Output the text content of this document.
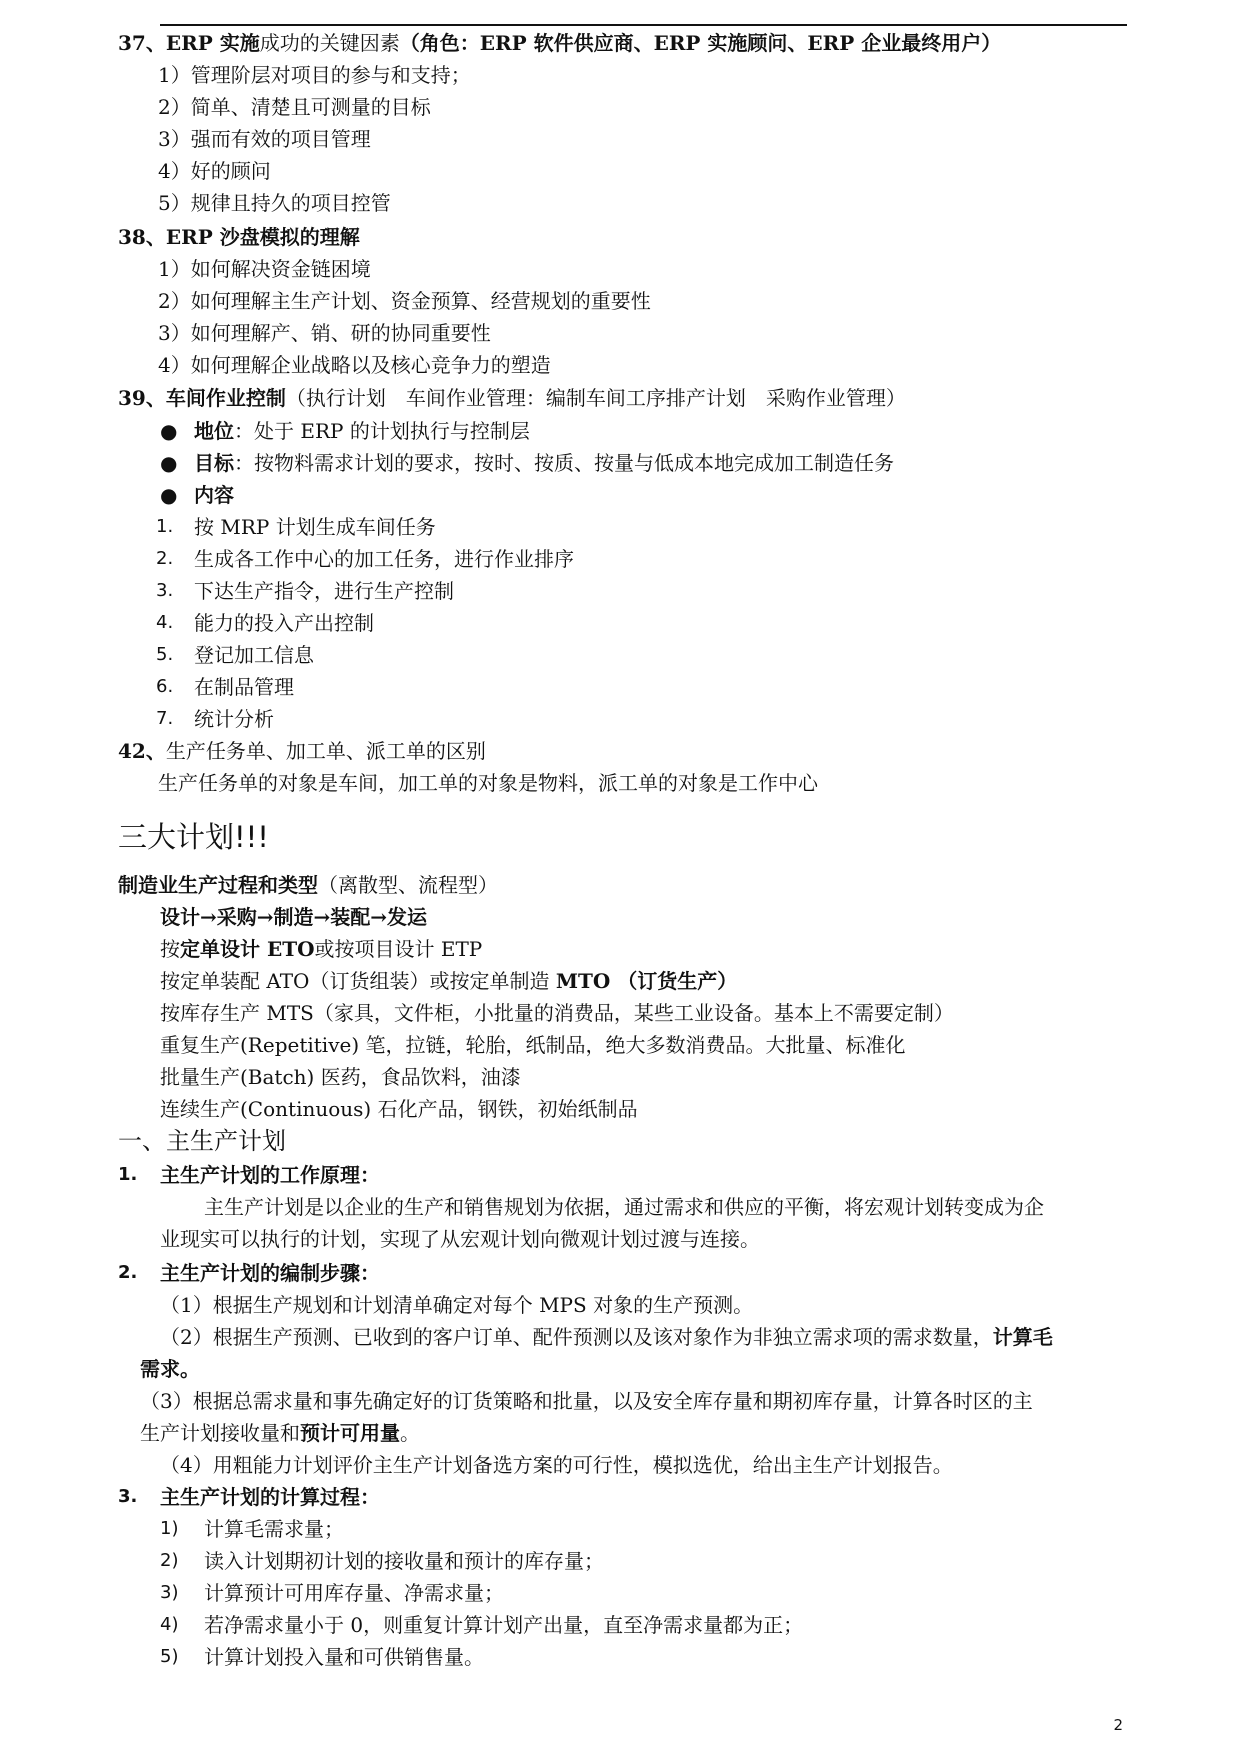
37、ERP 实施成功的关键因素（角色：ERP 软件供应商、ERP 实施顾问、ERP 企业最终用户）
1）管理阶层对项目的参与和支持；
2）简单、清楚且可测量的目标
3）强而有效的项目管理
4）好的顾问
5）规律且持久的项目控管
38、ERP 沙盘模拟的理解
1）如何解决资金链困境
2）如何理解主生产计划、资金预算、经营规划的重要性
3）如何理解产、销、研的协同重要性
4）如何理解企业战略以及核心竞争力的塑造
39、车间作业控制（执行计划　车间作业管理：编制车间工序排产计划　采购作业管理）
● 地位：处于 ERP 的计划执行与控制层
● 目标：按物料需求计划的要求，按时、按质、按量与低成本地完成加工制造任务
● 内容
1. 按 MRP 计划生成车间任务
2. 生成各工作中心的加工任务，进行作业排序
3. 下达生产指令，进行生产控制
4. 能力的投入产出控制
5. 登记加工信息
6. 在制品管理
7. 统计分析
42、生产任务单、加工单、派工单的区别
生产任务单的对象是车间，加工单的对象是物料，派工单的对象是工作中心
三大计划!!!
制造业生产过程和类型（离散型、流程型）
设计→采购→制造→装配→发运
按定单设计 ETO或按项目设计 ETP
按定单装配 ATO（订货组装）或按定单制造 MTO （订货生产）
按库存生产 MTS（家具，文件柜，小批量的消费品，某些工业设备。基本上不需要定制）
重复生产(Repetitive) 笔，拉链，轮胎，纸制品，绝大多数消费品。大批量、标准化
批量生产(Batch) 医药，食品饮料，油漆
连续生产(Continuous) 石化产品，钢铁，初始纸制品
一、主生产计划
1. 主生产计划的工作原理：
主生产计划是以企业的生产和销售规划为依据，通过需求和供应的平衡，将宏观计划转变成为企
业现实可以执行的计划，实现了从宏观计划向微观计划过渡与连接。
2. 主生产计划的编制步骤：
（1）根据生产规划和计划清单确定对每个 MPS 对象的生产预测。
（2）根据生产预测、已收到的客户订单、配件预测以及该对象作为非独立需求项的需求数量，计算毛
需求。
（3）根据总需求量和事先确定好的订货策略和批量，以及安全库存量和期初库存量，计算各时区的主
生产计划接收量和预计可用量。
（4）用粗能力计划评价主生产计划备选方案的可行性，模拟选优，给出主生产计划报告。
3. 主生产计划的计算过程：
1) 计算毛需求量；
2) 读入计划期初计划的接收量和预计的库存量；
3) 计算预计可用库存量、净需求量；
4) 若净需求量小于 0，则重复计算计划产出量，直至净需求量都为正；
5) 计算计划投入量和可供销售量。
2
